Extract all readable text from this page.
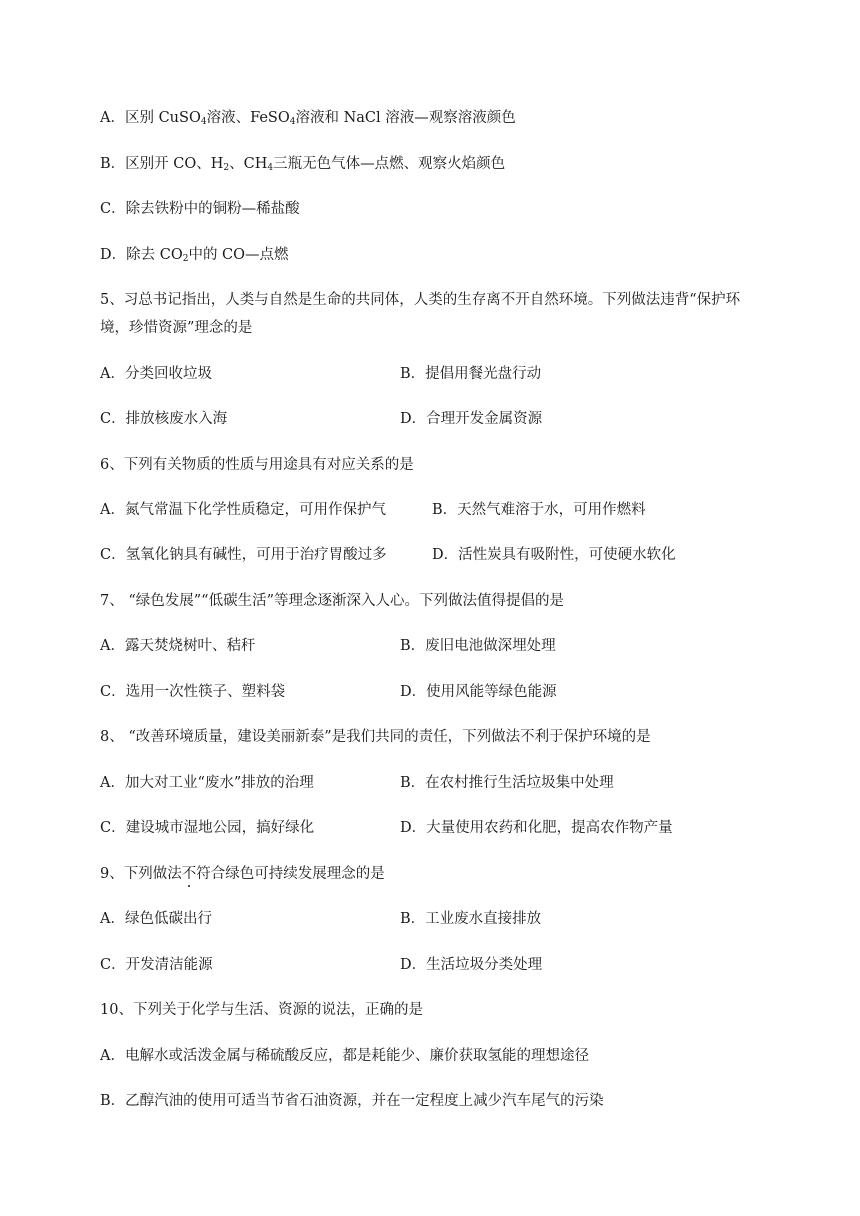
A．区别 CuSO$_4$溶液、FeSO$_4$溶液和 NaCl 溶液—观察溶液颜色
B．区别开 CO、$H_2$、$CH_4$三瓶无色气体—点燃、观察火焰颜色
C．除去铁粉中的铜粉—稀盐酸
D．除去 $CO_2$中的 CO—点燃
5、习总书记指出，人类与自然是生命的共同体，人类的生存离不开自然环境。下列做法违背“保护环
境，珍惜资源”理念的是
A．分类回收垃圾	B．提倡用餐光盘行动
C．排放核废水入海	D．合理开发金属资源
6、下列有关物质的性质与用途具有对应关系的是
A．氮气常温下化学性质稳定，可用作保护气	B．天然气难溶于水，可用作燃料
C．氢氧化钠具有碱性，可用于治疗胃酸过多	D．活性炭具有吸附性，可使硬水软化
7、 “绿色发展”“低碳生活”等理念逐渐深入人心。下列做法值得提倡的是
A．露天焚烧树叶、秸秆	B．废旧电池做深埋处理
C．选用一次性筷子、塑料袋	D．使用风能等绿色能源
8、 “改善环境质量，建设美丽新泰”是我们共同的责任，下列做法不利于保护环境的是
A．加大对工业“废水”排放的治理	B．在农村推行生活垃圾集中处理
C．建设城市湿地公园，搞好绿化	D．大量使用农药和化肥，提高农作物产量
9、下列做法不符合绿色可持续发展理念的是
A．绿色低碳出行	B．工业废水直接排放
C．开发清洁能源	D．生活垃圾分类处理
10、下列关于化学与生活、资源的说法，正确的是
A．电解水或活泼金属与稀硫酸反应，都是耗能少、廉价获取氢能的理想途径
B．乙醇汽油的使用可适当节省石油资源，并在一定程度上减少汽车尾气的污染
